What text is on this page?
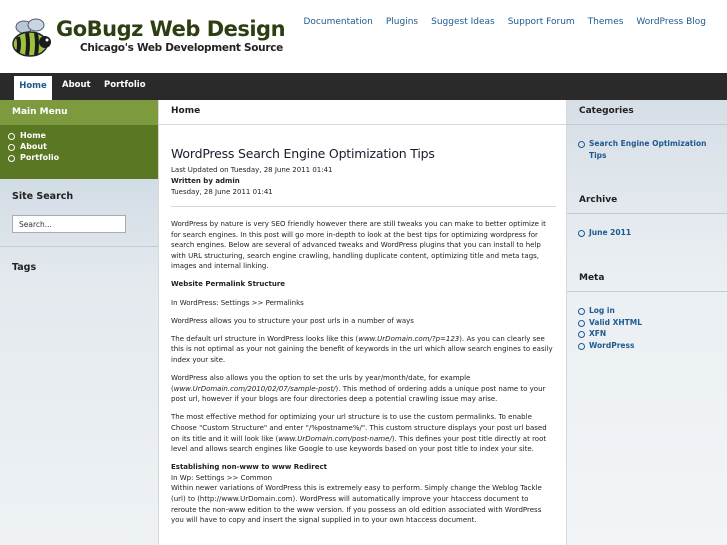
GoBugz Web Design
Chicago's Web Development Source
Documentation Plugins Suggest Ideas Support Forum Themes WordPress Blog
Home	About Portfolio
Main Menu
Home
About
Portfolio
Site Search
Search...
Tags
Home
WordPress Search Engine Optimization Tips
Last Updated on Tuesday, 28 June 2011 01:41
Written by admin
Tuesday, 28 June 2011 01:41

WordPress by nature is very SEO friendly however there are still tweaks you can make to better optimize it for search engines. In this post will go more in-depth to look at the best tips for optimizing wordpress for search engines. Below are several of advanced tweaks and WordPress plugins that you can install to help with URL structuring, search engine crawling, handling duplicate content, optimizing title and meta tags, images and internal linking.

Website Permalink Structure

In WordPress: Settings >> Permalinks

WordPress allows you to structure your post urls in a number of ways

The default url structure in WordPress looks like this (www.UrDomain.com/?p=123). As you can clearly see this is not optimal as your not gaining the benefit of keywords in the url which allow search engines to easily index your site.

WordPress also allows you the option to set the urls by year/month/date, for example (www.UrDomain.com/2010/02/07/sample-post/). This method of ordering adds a unique post name to your post url, however if your blogs are four directories deep a potential crawling issue may arise.

The most effective method for optimizing your url structure is to use the custom permalinks. To enable Choose "Custom Structure" and enter "/%postname%/". This custom structure displays your post url based on its title and it will look like (www.UrDomain.com/post-name/). This defines your post title directly at root level and allows search engines like Google to use keywords based on your post title to index your site.

Establishing non-www to www Redirect

In Wp: Settings >> Common

Within newer variations of WordPress this is extremely easy to perform. Simply change the Weblog Tackle (url) to (http://www.UrDomain.com). WordPress will automatically improve your htaccess document to reroute the non-www edition to the www version. If you possess an old edition associated with WordPress you will have to copy and insert the signal supplied in to your own htaccess document.

Categories
Search Engine Optimization Tips
Archive
June 2011
Meta
Log in
Valid XHTML
XFN
WordPress
